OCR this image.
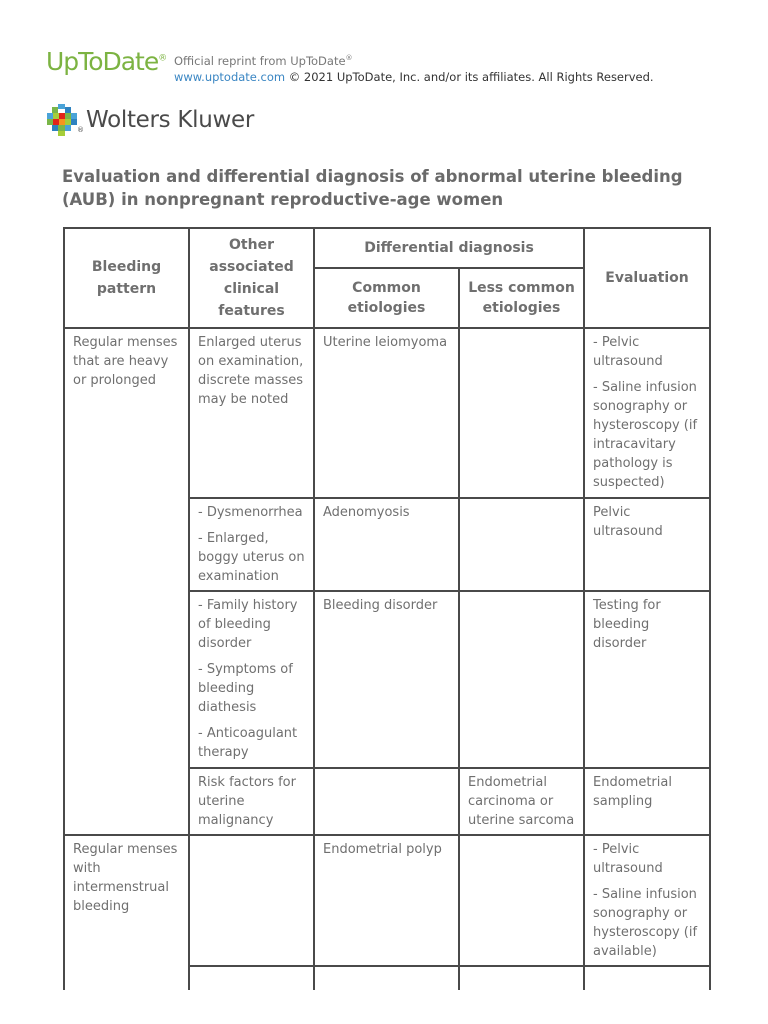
UpToDate® Official reprint from UpToDate®
www.uptodate.com © 2021 UpToDate, Inc. and/or its affiliates. All Rights Reserved.
® Wolters Kluwer
Evaluation and differential diagnosis of abnormal uterine bleeding (AUB) in nonpregnant reproductive-age women
Bleeding pattern	Other associated clinical features	Differential diagnosis		Evaluation
		Common etiologies	Less common etiologies	
Regular menses that are heavy or prolonged	Enlarged uterus on examination, discrete masses may be noted	Uterine leiomyoma		- Pelvic ultrasound
- Saline infusion sonography or hysteroscopy (if intracavitary pathology is suspected)

	- Dysmenorrhea
- Enlarged, boggy uterus on examination	Adenomyosis		Pelvic ultrasound

	- Family history of bleeding disorder
- Symptoms of bleeding diathesis
- Anticoagulant therapy	Bleeding disorder		Testing for bleeding disorder

	Risk factors for uterine malignancy		Endometrial carcinoma or uterine sarcoma	Endometrial sampling

Regular menses with intermenstrual bleeding		Endometrial polyp		- Pelvic ultrasound
- Saline infusion sonography or hysteroscopy (if available)
